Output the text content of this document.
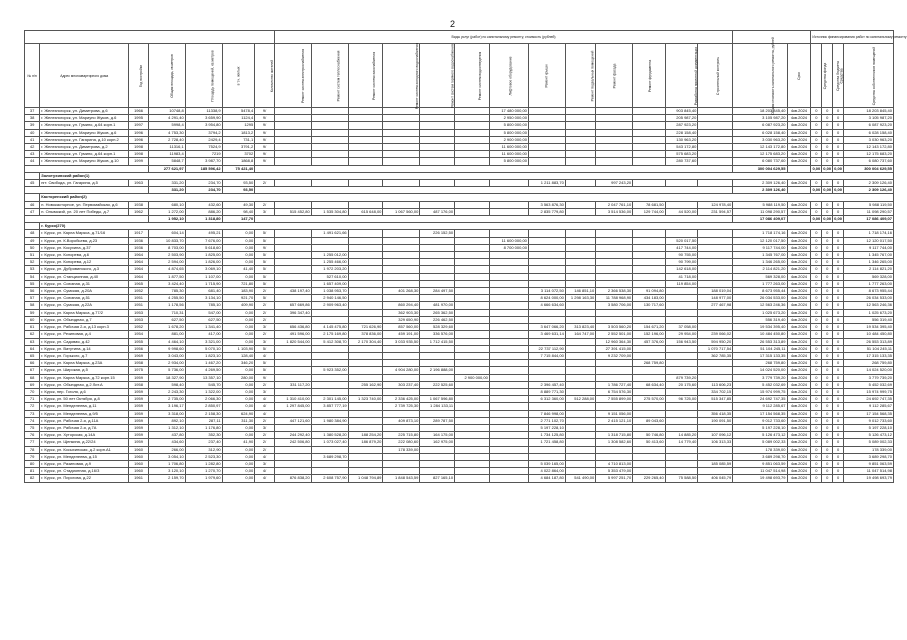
2
							Виды услуг (работ) по капитальному ремонту, стоимость (рублей)															Источник финансирования работ по капитальному ремонту			
№ п/п	Адрес многоквартирного дома	Год постройки	Общая площадь, кв.метров	Площадь помещений, кв.метров	в т.ч. жилых	Количество жителей	Ремонт систем электроснабжения	Ремонт систем теплоснабжения	Ремонт систем газоснабжения	Ремонт систем холодного водоснабжения	Ремонт систем горячего водоснабжения	Ремонт систем водоотведения	Лифтовое оборудование	Ремонт крыши	Ремонт подвальных помещений	Ремонт фасада	Ремонт фундамента	Разработка проектной документации	Строительный контроль	Общая стоимость капитального ремонта, рублей	Срок	Средства фонда	Средства бюджета	Средства	Средства собственников помещений
37	г. Железногорск, ул. Димитрова, д.6	1966	10748,8	11338,9	5478,4	9/							17 480 000,00					903 845,40		18 203 845,40	4кв.2024	0	0	0	18 203 845,40
38	г. Железногорск, ул. Мариупо Жуков, д.6	1995	4 291,40	3 659,90	1124,4	9/							2 950 000,00					205 987,20		3 105 987,20	4кв.2024	0	0	0	3 105 987,20
39	г. Железногорск, ул. Гумино, д.64 корп.1	1997	5998,4	3 954,80	1295	9/							5 800 000,00					287 923,20		6 087 923,20	4кв.2024	0	0	0	6 087 923,20
40	г. Железногорск, ул. Мариупо Жуков, д.6	1996	4 753,30	3794,2	1813,2	9/							5 800 000,00					228 158,40		6 028 158,40	4кв.2024	0	0	0	6 028 158,40
41	г. Железногорск, ул. Гагарина, д.10 корп.2	1996	2 728,40	2429,4	731,1	9/							2 900 000,00					130 963,20		3 030 963,20	4кв.2024	0	0	0	3 030 963,20
42	г. Железногорск, ул. Димитрова, д.2	1998	11316,1	7524,9	3791,2	9/							11 600 000,00					543 172,80		12 143 172,80	4кв.2024	0	0	0	12 143 172,80
43	г. Железногорск, ул. Гумино, д.64 корп.1	1998	11983,4	7219	3702	9/							11 600 000,00					575 683,20		12 175 683,20	4кв.2024	0	0	0	12 175 683,20
44	г. Железногорск, ул. Мариупо Жуков, д.10	1999	5848,7	3 987,70	1868,8	9/							5 800 000,00					280 737,60		6 080 737,60	4кв.2024	0	0	0	6 080 737,60
			277 621,97	185 596,42	75 421,40															300 004 629,55		0,00	0,00	0,00	300 004 629,55
	Золотухинский район(1)																								
45	пгт. Свобода, ул. Гагарина, д.5	1963	331,20	234,70	93,50	2/								1 211 883,70		997 243,20				2 309 126,40	4кв.2024	0	0	0	2 309 126,40
			331,20	234,70	93,50															2 309 126,40		0,00	0,00	0,00	2 309 126,40
	Касторенский район(2)																								
46	п. Новокасторное, ул. Первомайская, д.6	1938	680,10	432,60	49,30	2/								3 563 876,30		2 047 761,10	78 681,50		124 978,40	5 988 119,50	4кв.2024	0	0	0	5 988 119,50
47	п. Олымский, ул. 20 лет Победы, д.7	1962	1 272,00	886,20	98,40	3/	515 452,80	1 535 304,80	615 648,00	1 067 560,00	487 176,00			2 835 779,80		3 514 536,00	129 744,00	44 520,00	231 594,57	11 098 290,57	4кв.2024	0	0	0	11 098 290,57
			1 952,10	1 318,80	147,70															17 086 409,07		0,00	0,00	0,00	17 086 409,07
	г. Курск(270)																								
48	г. Курск, ул. Карла Маркса, д.71/16	1917	604,14	495,21	0,00	5/		1 491 621,66			226 152,50									1 718 174,16	4кв.2024	0	0	0	1 718 174,16
49	г. Курск, ул. К.Воробьева, д.23	1936	10 833,70	7 676,00	0,00	5/							11 600 000,00					520 017,50		12 120 017,50	4кв.2024	0	0	0	12 120 017,50
50	г. Курск, ул. Косухина, д.37	1936	8 703,00	5 618,60	0,00	9/							8 700 000,00					417 744,00		9 117 744,00	4кв.2024	0	0	0	9 117 744,00
51	г. Курск, ул. Конорева, д.6	1964	2 503,90	1 825,00	0,00	5/		1 255 012,00										90 755,00		1 345 767,00	4кв.2024	0	0	0	1 345 767,00
52	г. Курск, ул. Конорева, д.12	1964	2 594,00	1 826,00	0,00	5/		1 255 466,00										90 799,00		1 346 265,00	4кв.2024	0	0	0	1 346 265,00
53	г. Курск, ул. Дубровинского, д.3	1964	4 874,65	3 069,10	41,40	5/		1 972 203,20										142 618,00		2 114 821,20	4кв.2024	0	0	0	2 114 821,20
54	г. Курск, ул. Станционная, д.40	1964	1 877,50	1 107,00	0,00	5/		527 610,00										41 718,00		569 328,00	4кв.2024	0	0	0	569 328,00
55	г. Курск, ул. Союзная, д.31	1965	3 424,40	1 715,90	721,80	5/		1 657 409,00										119 854,00		1 777 263,00	4кв.2024	0	0	0	1 777 263,00
56	г. Курск, ул. Сумская, д.20А	1952	785,30	681,40	183,90	2/	438 197,40	1 038 953,70		401 268,30	284 497,50			3 114 072,50	146 851,10	2 366 538,30	91 094,80		188 019,04	8 673 955,44	4кв.2024	0	0	0	8 673 955,44
57	г. Курск, ул. Союзная, д.51	1951	4 255,50	3 134,10	921,70	5/		2 940 146,50						8 624 000,00	1 298 163,30	11 788 968,90	434 183,00		148 977,00	26 034 533,00	4кв.2024	0	0	0	26 034 533,00
58	г. Курск, ул. Сумская, д.22А	1951	1 178,56	785,10	409,90	2/	657 669,86	2 909 963,40		860 294,40	481 970,00			4 666 634,60		3 580 706,00	130 717,60		277 467,98	12 563 246,36	4кв.2024	0	0	0	12 563 246,36
59	г. Курск, ул. Карла Маркса, д.77/2	1953	710,31	547,00	0,00	2/	396 347,40			362 903,30	265 362,50									1 025 673,20	4кв.2024	0	0	0	1 025 673,20
60	г. Курск, ул. Обьездная, д.7	1953	627,50	627,50	0,00	2/				329 650,90	226 462,50									556 319,40	4кв.2024	0	0	0	556 319,40
61	г. Курск, ул. Рабочая 2-я, д.13 корп.3	1952	1 678,20	1 341,40	0,00	3/	656 436,80	4 145 475,80	721 626,90	857 560,00	528 329,60			3 647 066,20	313 823,40	3 503 560,20	154 671,20	37 058,00		19 534 395,40	4кв.2024	0	0	0	19 534 395,40
62	г. Курск, ул. Резиновая, д.4	1954	881,00	417,00	0,00	2/	491 596,00	2 175 169,80	378 836,00	459 191,00	336 576,00			3 469 631,14	164 747,00	2 552 501,00	152 196,00	29 954,00	239 066,02	10 484 450,80	4кв.2024	0	0	0	10 484 450,80
63	г. Курск, ул. Садовая, д.42	1955	4 464,10	3 321,00	0,00	3/	1 820 544,00	5 412 308,70	2 170 304,40	3 033 935,50	1 712 415,50					12 960 364,30	457 376,00	156 943,50	594 950,20	26 553 313,89	4кв.2024	0	0	0	26 553 313,89
64	г. Курск, ул. Ватутина, д.14	1956	9 998,60	5 070,10	1 103,90	5/								22 737 112,90		27 391 415,00			1 070 717,54	51 104 245,11	4кв.2024	0	0	0	51 104 245,11
65	г. Курск, ул. Горького, д.7	1969	3 043,00	1 823,10	128,40	4/								7 715 844,00		9 232 709,00			362 785,35	17 315 133,35	4кв.2024	0	0	0	17 315 133,35
66	г. Курск, ул. Карла Маркса, д.23А	1958	2 934,00	1 467,20	346,20	5/											268 759,80			268 759,80	4кв.2024	0	0	0	268 759,80
67	г. Курск, ул. Широкая, д.5	1975	5 736,00	4 269,50	0,00	5/		5 923 352,00		4 904 280,00	2 196 888,00									14 024 520,00	4кв.2024	0	0	0	14 024 520,00
68	г. Курск, ул. Карла Маркса, д.72 корп.15	1959	18 327,90	13 357,10	280,00	9/						2 900 000,00						879 739,20		3 779 739,20	4кв.2024	0	0	0	3 779 739,20
69	г. Курск, ул. Обьездная, д.2 Лит.А	1958	598,40	545,70	0,00	2/	331 117,20		255 162,90	303 237,40	222 525,60			2 396 457,40		1 786 727,40	68 634,40	20 175,60	113 606,23	5 452 032,69	4кв.2024	0	0	0	5 452 032,69
70	г. Курск, пер. Гоголя, д.6	1959	2 243,30	1 322,00	0,00	3/								8 889 771,30		6 754 576,30			334 702,15	15 974 999,75	4кв.2024	0	0	0	15 974 999,75
71	г. Курск, ул. 50 лет Октября, д.8	1959	2 735,00	2 066,30	0,00	4/	1 310 410,00	2 301 145,00	1 323 740,00	2 336 425,00	1 067 596,80			6 312 360,00	512 288,00	7 555 899,00	275 570,00	96 725,00	515 347,85	24 692 747,35	4кв.2024	0	0	0	24 692 747,35
72	г. Курск, ул. Менделеева, д.11	1959	3 196,17	2 850,97	0,00	4/	1 297 845,00	3 857 777,19		2 739 725,30	1 284 133,11									9 112 285,67	4кв.2024	0	0	0	9 112 285,67
73	г. Курск, ул. Менделеева, д.9/5	1959	3 318,00	2 158,30	624,90	4/								7 846 998,00		9 151 056,00			356 418,35	17 154 568,35	4кв.2024	0	0	0	17 154 568,35
74	г. Курск, ул. Рабочая 2-я, д.11А	1959	892,10	287,11	311,30	2/	447 121,60	1 980 384,90		409 873,10	289 787,50			2 771 102,70		2 415 121,10	89 043,60		190 091,50	9 012 733,60	4кв.2024	0	0	0	9 012 733,60
75	г. Курск, ул. Рабочая 2-я, д.7А	1959	1 312,10	1 176,80	0,00	3/								5 197 228,10						5 197 228,10	4кв.2024	0	0	0	5 197 228,10
76	г. Курск, ул. Хуторская, д.14А	1959	437,80	352,30	0,00	2/	244 292,40	1 380 528,20	188 254,20	225 715,80	164 175,00			1 734 125,80		1 318 715,80	50 746,80	14 885,20	107 096,12	5 126 473,12	4кв.2024	0	0	0	5 126 473,12
77	г. Курск, ул. Щепкина, д.22/24	1959	434,60	237,40	41,90	2/	242 506,80	1 073 027,40	186 879,20	222 080,60	162 975,00			1 721 458,80		1 308 582,60	50 413,60	14 779,40	106 313,33	5 089 002,33	4кв.2024	0	0	0	5 089 002,33
78	г. Курск, ул. Косыхинская, д.2 корп.А1	1960	266,00	312,90	0,00	2/				178 339,00										178 339,00	4кв.2024	0	0	0	178 339,00
79	г. Курск, ул. Менделеева, д.15	1960	3 054,10	2 523,30	0,00	4/		3 689 298,70												3 689 298,70	4кв.2024	0	0	0	3 689 298,70
80	г. Курск, ул. Разиновая, д.9	1960	1 706,80	1 282,80	0,00	3/								5 039 165,00		4 710 813,00			185 085,59	9 851 063,59	4кв.2024	0	0	0	9 851 063,59
81	г. Курск, ул. Стадионная, д.16/3	1960	3 120,10	1 270,70	0,00	4/								4 022 864,00		5 353 479,00				11 047 514,98	4кв.2024	0	0	0	11 047 514,98
82	г. Курск, ул. Пирогова, д.22	1961	2 159,70	1 979,60	0,00	4/	876 838,20	2 608 757,90	1 048 794,89	1 848 543,59	827 165,10			4 684 187,80	541 490,00	5 997 251,70	229 265,40	75 588,50	406 045,79	19 498 693,79	4кв.2024	0	0	0	19 498 693,79
